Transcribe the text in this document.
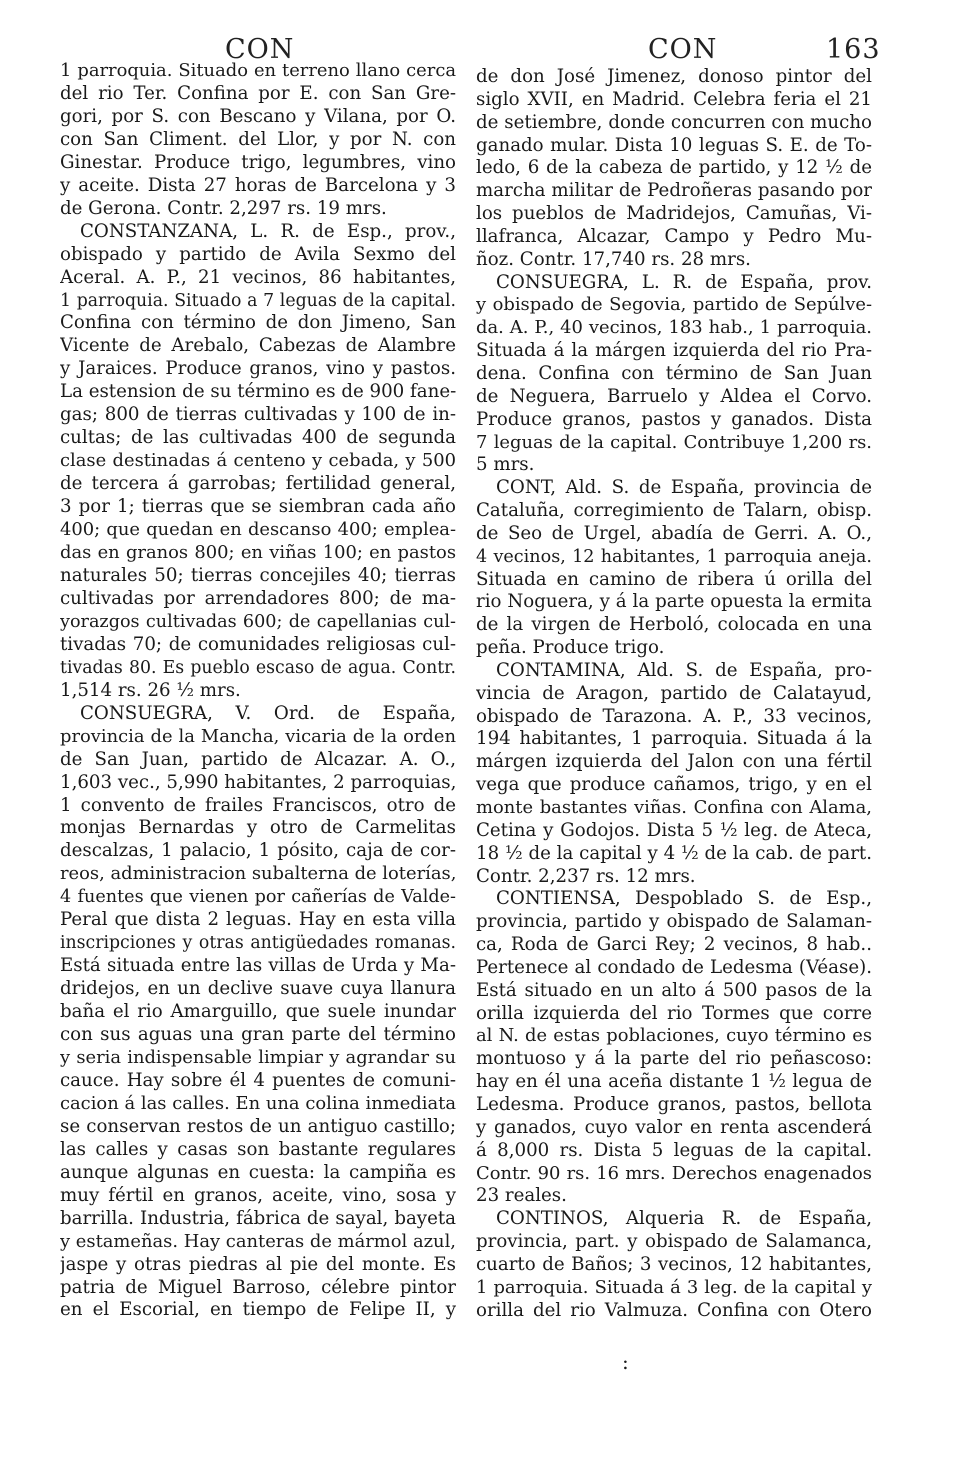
CON	CON	163
1 parroquia. Situado en terreno llano cerca
del rio Ter. Confina por E. con San Gre-
gori, por S. con Bescano y Vilana, por O.
con San Climent. del Llor, y por N. con
Ginestar. Produce trigo, legumbres, vino
y aceite. Dista 27 horas de Barcelona y 3
de Gerona. Contr. 2,297 rs. 19 mrs.
CONSTANZANA, L. R. de Esp., prov.,
obispado y partido de Avila Sexmo del
Aceral. A. P., 21 vecinos, 86 habitantes,
1 parroquia. Situado a 7 leguas de la capital.
Confina con término de don Jimeno, San
Vicente de Arebalo, Cabezas de Alambre
y Jaraices. Produce granos, vino y pastos.
La estension de su término es de 900 fane-
gas; 800 de tierras cultivadas y 100 de in-
cultas; de las cultivadas 400 de segunda
clase destinadas á centeno y cebada, y 500
de tercera á garrobas; fertilidad general,
3 por 1; tierras que se siembran cada año
400; que quedan en descanso 400; emplea-
das en granos 800; en viñas 100; en pastos
naturales 50; tierras concejiles 40; tierras
cultivadas por arrendadores 800; de ma-
yorazgos cultivadas 600; de capellanias cul-
tivadas 70; de comunidades religiosas cul-
tivadas 80. Es pueblo escaso de agua. Contr.
1,514 rs. 26 ½ mrs.
CONSUEGRA, V. Ord. de España,
provincia de la Mancha, vicaria de la orden
de San Juan, partido de Alcazar. A. O.,
1,603 vec., 5,990 habitantes, 2 parroquias,
1 convento de frailes Franciscos, otro de
monjas Bernardas y otro de Carmelitas
descalzas, 1 palacio, 1 pósito, caja de cor-
reos, administracion subalterna de loterías,
4 fuentes que vienen por cañerías de Valde-
Peral que dista 2 leguas. Hay en esta villa
inscripciones y otras antigüedades romanas.
Está situada entre las villas de Urda y Ma-
dridejos, en un declive suave cuya llanura
baña el rio Amarguillo, que suele inundar
con sus aguas una gran parte del término
y seria indispensable limpiar y agrandar su
cauce. Hay sobre él 4 puentes de comuni-
cacion á las calles. En una colina inmediata
se conservan restos de un antiguo castillo;
las calles y casas son bastante regulares
aunque algunas en cuesta: la campiña es
muy fértil en granos, aceite, vino, sosa y
barrilla. Industria, fábrica de sayal, bayeta
y estameñas. Hay canteras de mármol azul,
jaspe y otras piedras al pie del monte. Es
patria de Miguel Barroso, célebre pintor
en el Escorial, en tiempo de Felipe II, y
de don José Jimenez, donoso pintor del
siglo XVII, en Madrid. Celebra feria el 21
de setiembre, donde concurren con mucho
ganado mular. Dista 10 leguas S. E. de To-
ledo, 6 de la cabeza de partido, y 12 ½ de
marcha militar de Pedroñeras pasando por
los pueblos de Madridejos, Camuñas, Vi-
llafranca, Alcazar, Campo y Pedro Mu-
ñoz. Contr. 17,740 rs. 28 mrs.
CONSUEGRA, L. R. de España, prov.
y obispado de Segovia, partido de Sepúlve-
da. A. P., 40 vecinos, 183 hab., 1 parroquia.
Situada á la márgen izquierda del rio Pra-
dena. Confina con término de San Juan
de Neguera, Barruelo y Aldea el Corvo.
Produce granos, pastos y ganados. Dista
7 leguas de la capital. Contribuye 1,200 rs.
5 mrs.
CONT, Ald. S. de España, provincia de
Cataluña, corregimiento de Talarn, obisp.
de Seo de Urgel, abadía de Gerri. A. O.,
4 vecinos, 12 habitantes, 1 parroquia aneja.
Situada en camino de ribera ú orilla del
rio Noguera, y á la parte opuesta la ermita
de la virgen de Herboló, colocada en una
peña. Produce trigo.
CONTAMINA, Ald. S. de España, pro-
vincia de Aragon, partido de Calatayud,
obispado de Tarazona. A. P., 33 vecinos,
194 habitantes, 1 parroquia. Situada á la
márgen izquierda del Jalon con una fértil
vega que produce cañamos, trigo, y en el
monte bastantes viñas. Confina con Alama,
Cetina y Godojos. Dista 5 ½ leg. de Ateca,
18 ½ de la capital y 4 ½ de la cab. de part.
Contr. 2,237 rs. 12 mrs.
CONTIENSA, Despoblado S. de Esp.,
provincia, partido y obispado de Salaman-
ca, Roda de Garci Rey; 2 vecinos, 8 hab..
Pertenece al condado de Ledesma (Véase).
Está situado en un alto á 500 pasos de la
orilla izquierda del rio Tormes que corre
al N. de estas poblaciones, cuyo término es
montuoso y á la parte del rio peñascoso:
hay en él una aceña distante 1 ½ legua de
Ledesma. Produce granos, pastos, bellota
y ganados, cuyo valor en renta ascenderá
á 8,000 rs. Dista 5 leguas de la capital.
Contr. 90 rs. 16 mrs. Derechos enagenados
23 reales.
CONTINOS, Alqueria R. de España,
provincia, part. y obispado de Salamanca,
cuarto de Baños; 3 vecinos, 12 habitantes,
1 parroquia. Situada á 3 leg. de la capital y
orilla del rio Valmuza. Confina con Otero
:
